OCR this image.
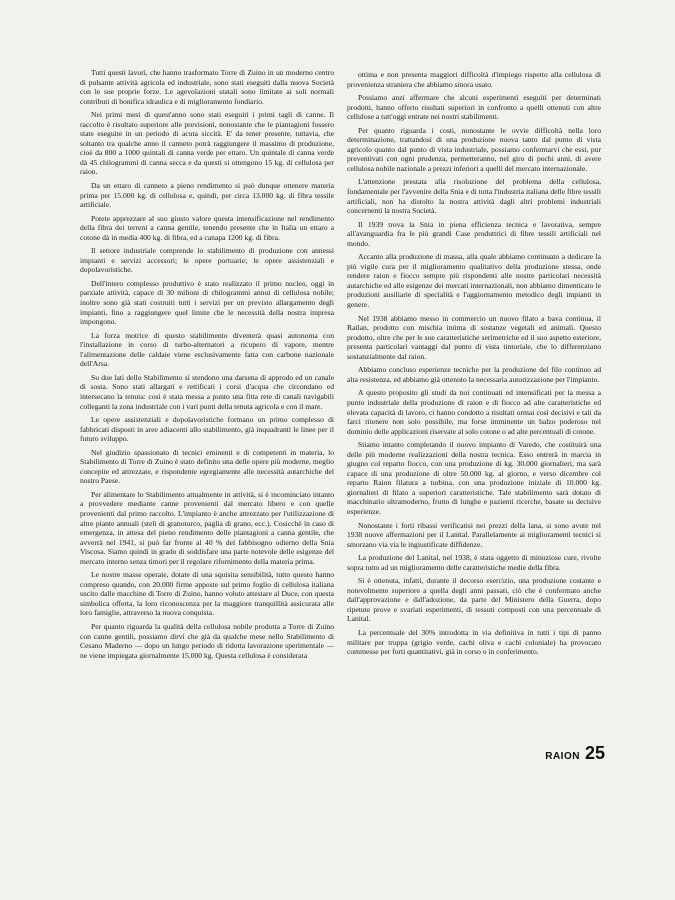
Tutti questi lavori, che hanno trasformato Torre di Zuino in un moderno centro di pulsante attività agricola ed industriale, sono stati eseguiti dalla nuova Società con le sue proprie forze. Le agevolazioni statali sono limitate ai soli normali contributi di bonifica idraulica e di miglioramento fondiario.

Nei primi mesi di quest'anno sono stati eseguiti i primi tagli di canne. Il raccolto è risultato superiore alle previsioni, nonostante che le piantagioni fossero state eseguite in un periodo di acuta siccità. E' da tener presente, tuttavia, che soltanto tra qualche anno il canneto potrà raggiungere il massimo di produzione, cioè da 800 a 1000 quintali di canna verde per ettaro. Un quintale di canna verde dà 45 chilogrammi di canna secca e da questi si ottengono 15 kg. di cellulosa per raion.

Da un ettaro di canneto a pieno rendimento si può dunque ottenere materia prima per 15.000 kg. di cellulosa e, quindi, per circa 13.000 kg. di fibra tessile artificiale.

Potete apprezzare al suo giusto valore questa intensificazione nel rendimento della fibra dei terreni a canna gentile, tenendo presente che in Italia un ettaro a cotone dà in media 400 kg. di fibra, ed a canapa 1200 kg. di fibra.

Il settore industriale comprende lo stabilimento di produzione con annessi impianti e servizi accessori; le opere portuarie; le opere assistenziali e dopolavoristiche.

Dell'intero complesso produttivo è stato realizzato il primo nucleo, oggi in parziale attività, capace di 30 milioni di chilogrammi annui di cellulosa nobile; inoltre sono già stati costruiti tutti i servizi per un previsto allargamento degli impianti, fino a raggiungere quel limite che le necessità della nostra impresa impongono.

La forza motrice di questo stabilimento diventerà quasi autonoma con l'installazione in corso di turbo-alternatori a ricupero di vapore, mentre l'alimentazione delle caldaie viene esclusivamente fatta con carbone nazionale dell'Arsa.

Su due lati dello Stabilimento si stendono una darsena di approdo ed un canale di sosta. Sono stati allargati e rettificati i corsi d'acqua che circondano ed intersecano la tenuta: così è stata messa a punto una fitta rete di canali navigabili colleganti la zona industriale con i vari punti della tenuta agricola e con il mare.

Le opere assistenziali e dopolavoristiche formano un primo complesso di fabbricati disposti in aree adiacenti allo stabilimento, già inquadranti le linee per il futuro sviluppo.

Nel giudizio spassionato di tecnici eminenti e di competenti in materia, lo Stabilimento di Torre di Zuino è stato definito una delle opere più moderne, meglio concepite ed attrezzate, e rispondente egregiamente alle necessità autarchiche del nostro Paese.

Per alimentare lo Stabilimento attualmente in attività, si è incominciato intanto a provvedere mediante canne provenienti dal mercato libero e con quelle provenienti dal primo raccolto. L'impianto è anche attrezzato per l'utilizzazione di altre piante annuali (steli di granoturco, paglia di grano, ecc.). Cosicchè in caso di emergenza, in attesa del pieno rendimento delle piantagioni a canna gentile, che avverrà nel 1941, si può far fronte al 40 % del fabbisogno odierno della Snia Viscosa. Siamo quindi in grado di soddisfare una parte notevole delle esigenze del mercato interno senza timori per il regolare rifornimento della materia prima.

Le nostre masse operaie, dotate di una squisita sensibilità, tutto questo hanno compreso quando, con 20.000 firme apposte sul primo foglio di cellulosa italiana uscito dalle macchine di Torre di Zuino, hanno voluto attestare al Duce, con questa simbolica offerta, la loro riconoscenza per la maggiore tranquillità assicurata alle loro famiglie, attraverso la nuova conquista.

Per quanto riguarda la qualità della cellulosa nobile prodotta a Torre di Zuino con canne gentili, possiamo dirvi che già da qualche mese nello Stabilimento di Cesano Maderno — dopo un lungo periodo di ridotta lavorazione sperimentale — ne viene impiegata giornalmente 15.000 kg. Questa cellulosa è considerata

ottima e non presenta maggiori difficoltà d'impiego rispetto alla cellulosa di provenienza straniera che abbiamo sinora usato.

Possiamo anzi affermare che alcuni esperimenti eseguiti per determinati prodotti, hanno offerto risultati superiori in confronto a quelli ottenuti con altre cellulose a tutt'oggi entrate nei nostri stabilimenti.

Per quanto riguarda i costi, nonostante le ovvie difficoltà nella loro determinazione, trattandosi di una produzione nuova tanto dal punto di vista agricolo quanto dal punto di vista industriale, possiamo confermarvi che essi, pur preventivati con ogni prudenza, permetteranno, nel giro di pochi anni, di avere cellulosa nobile nazionale a prezzi inferiori a quelli del mercato internazionale.

L'attenzione prestata alla risoluzione del problema della cellulosa, fondamentale per l'avvenire della Snia e di tutta l'industria italiana delle fibre tessili artificiali, non ha distolto la nostra attività dagli altri problemi industriali concernenti la nostra Società.

Il 1939 trova la Snia in piena efficienza tecnica e lavorativa, sempre all'avanguardia fra le più grandi Case produttrici di fibre tessili artificiali nel mondo.

Accanto alla produzione di massa, alla quale abbiamo continuato a dedicare la più vigile cura per il miglioramento qualitativo della produzione stessa, onde rendere raion e fiocco sempre più rispondenti alle nostre particolari necessità autarchiche ed alle esigenze dei mercati internazionali, non abbiamo dimenticato le produzioni ausiliarie di specialità e l'aggiornamento metodico degli impianti in genere.

Nel 1938 abbiamo messo in commercio un nuovo filato a bava continua, il Railan, prodotto con mischia intima di sostanze vegetali ed animali. Questo prodotto, oltre che per le sue caratteristiche serimetriche ed il suo aspetto esteriore, presenta particolari vantaggi dal punto di vista tintoriale, che lo differenziano sostanzialmente dal raion.

Abbiamo concluso esperienze tecniche per la produzione del filo continuo ad alta resistenza, ed abbiamo già ottenuto la necessaria autorizzazione per l'impianto.

A questo proposito gli studi da noi continuati ed intensificati per la messa a punto industriale della produzione di raion e di fiocco ad alte caratteristiche ed elevata capacità di lavoro, ci hanno condotto a risultati ormai così decisivi e tali da farci ritenere non solo possibile, ma forse imminente un balzo poderoso nel dominio delle applicazioni riservate al solo cotone o ad alte percentuali di cotone.

Stiamo intanto completando il nuovo impianto di Varedo, che costituirà una delle più moderne realizzazioni della nostra tecnica. Esso entrerà in marcia in giugno col reparto fiocco, con una produzione di kg. 30.000 giornalieri, ma sarà capace di una produzione di oltre 50.000 kg. al giorno, e verso dicembre col reparto Raion filatura a turbina, con una produzione iniziale di 10.000 kg. giornalieri di filato a superiori caratteristiche. Tale stabilimento sarà dotato di macchinario ultramoderno, frutto di lunghe e pazienti ricerche, basate su decisive esperienze.

Nonostante i forti ribassi verificatisi nei prezzi della lana, si sono avute nel 1938 nuove affermazioni per il Lanital. Parallelamente ai miglioramenti tecnici si smorzano via via le ingiustificate diffidenze.

La produzione del Lanital, nel 1938, è stata oggetto di minuziose cure, rivolte sopra tutto ad un miglioramento delle caratteristiche medie della fibra.

Si è ottenuta, infatti, durante il decorso esercizio, una produzione costante e notevolmente superiore a quella degli anni passati, ciò che è confermato anche dall'approvazione e dall'adozione, da parte del Ministero della Guerra, dopo ripetute prove e svariati esperimenti, di tessuti composti con una percentuale di Lanital.

La percentuale del 30% introdotta in via definitiva in tutti i tipi di panno militare per truppa (grigio verde, cachi oliva e cachi coloniale) ha provocato commesse per forti quantitativi, già in corso o in conferimento.

RAION 25
